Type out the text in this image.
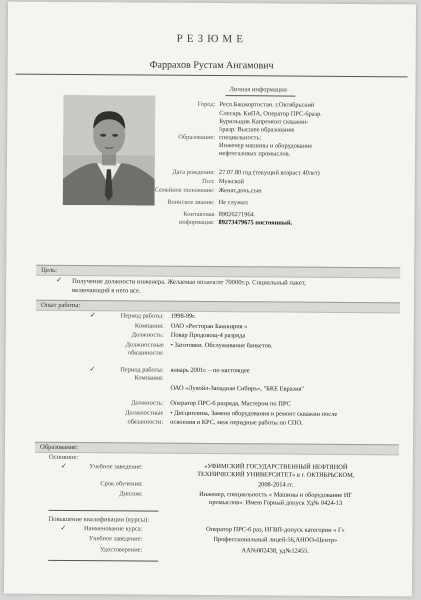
РЕЗЮМЕ
Фаррахов Рустам Ангамович
Личная информация
Город: Респ.Башкортостан. г.Октябрьский
Слесарь КиПА, Оператор ПРС-6разр.
Бурильщик Капремонт скважин-
5разр. Высшее образование
Образование: специальность:
Инженер машины и оборудование
нефтегазовых промыслов.
Дата рождения: 27.07.80 год (текущий возраст 40лет)
Пол: Мужской
Семейное положение: Женат,дочь,сын
Воинское звание: Не служил
Контактная 89026271964.
информация: 89273479675 постоянный.
Цель:
✓ Получение должности инженера. Желаемая оплата:от 70000т.р. Социальный пакет,
включающий в него все.
Опыт работы:
✓	Период работы: 1998-99г.
Компания: ОАО «Ресторан Башкирия »
Должность: Повар Продовощ-4 разряда
Должностные
обязанности:
• Заготовки. Обслуживание банкетов.
✓	Период работы: январь 2001г. – по настоящее
Компания:
ОАО «Лукойл-Западная Сибирь», "БКЕ Евразия"
Должность: Оператор ПРС-6 разряда, Мастером по ПРС
Должностные
обязанности:
• Дисциплина, Замена оборудования и ремонт скважин после
освоения и КРС, меж перидные работы по СПО.
Образование:
Основное:
✓	Учебное заведение:	«УФИМСКИЙ ГОСУДАРСТВЕННЫЙ НЕФТЯНОЙ
ТЕХНИЧЕСКИЙ УНИВЕРСИТЕТ» в г. ОКТЯБРЬСКОМ,
Срок обучения:	2008-2014 гг.
Диплом:	Инженер, специальность « Машины и оборудование НГ
промыслов». Имею Горный допуск Уд№ 0424-13
Повышение квалификации (курсы):
✓	Наименование курса:	Оператор ПРС-6 раз, НГВП-допуск категории « Г»
Учебное заведение:	Профессиональный лицей-56,АНОО«Центр»
Удостоверение:	АА№002438, уд№12455.
